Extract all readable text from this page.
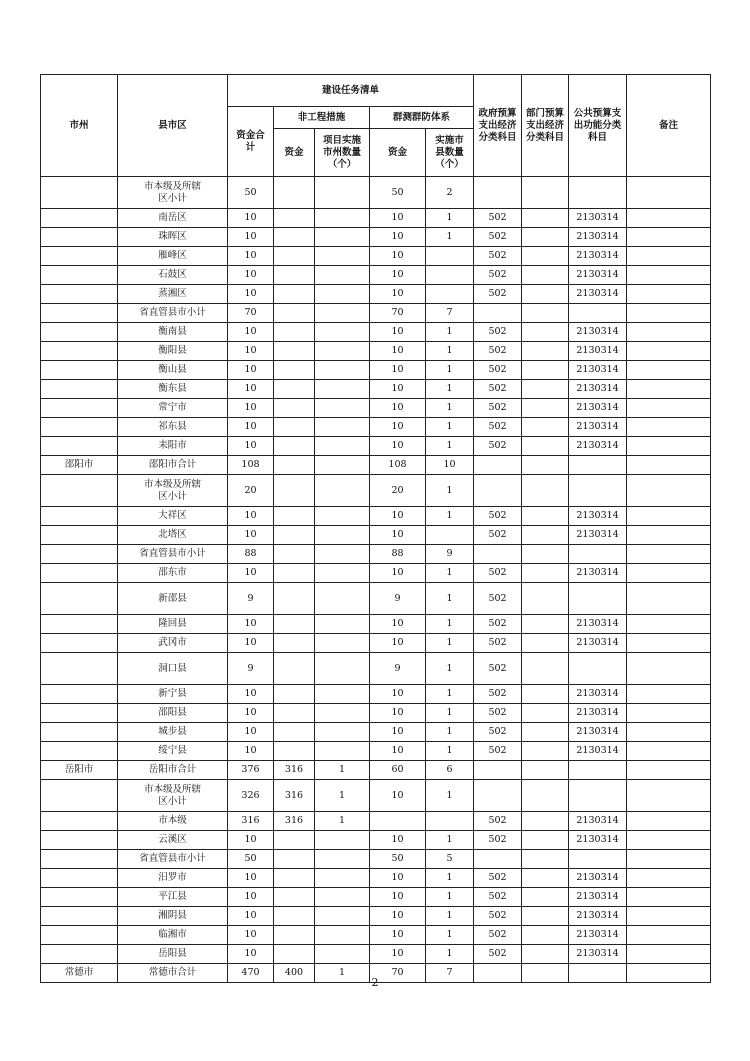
市州	县市区	建设任务清单					政府预算支出经济分类科目	部门预算支出经济分类科目	公共预算支出功能分类科目	备注
		资金合计	非工程措施		群测群防体系					
			资金	项目实施市州数量（个）	资金	实施市县数量（个）				
	市本级及所辖区小计	50			50	2				
	南岳区	10			10	1	502		2130314	
	珠晖区	10			10	1	502		2130314	
	雁峰区	10			10		502		2130314	
	石鼓区	10			10		502		2130314	
	蒸湘区	10			10		502		2130314	
	省直管县市小计	70			70	7				
	衡南县	10			10	1	502		2130314	
	衡阳县	10			10	1	502		2130314	
	衡山县	10			10	1	502		2130314	
	衡东县	10			10	1	502		2130314	
	常宁市	10			10	1	502		2130314	
	祁东县	10			10	1	502		2130314	
	耒阳市	10			10	1	502		2130314	
邵阳市	邵阳市合计	108			108	10				
	市本级及所辖区小计	20			20	1				
	大祥区	10			10	1	502		2130314	
	北塔区	10			10		502		2130314	
	省直管县市小计	88			88	9				
	邵东市	10			10	1	502		2130314	
	新邵县	9			9	1	502			
	隆回县	10			10	1	502		2130314	
	武冈市	10			10	1	502		2130314	
	洞口县	9			9	1	502			
	新宁县	10			10	1	502		2130314	
	邵阳县	10			10	1	502		2130314	
	城步县	10			10	1	502		2130314	
	绥宁县	10			10	1	502		2130314	
岳阳市	岳阳市合计	376	316	1	60	6				
	市本级及所辖区小计	326	316	1	10	1				
	市本级	316	316	1			502		2130314	
	云溪区	10			10	1	502		2130314	
	省直管县市小计	50			50	5				
	汨罗市	10			10	1	502		2130314	
	平江县	10			10	1	502		2130314	
	湘阴县	10			10	1	502		2130314	
	临湘市	10			10	1	502		2130314	
	岳阳县	10			10	1	502		2130314	
常德市	常德市合计	470	400	1	70	7				
2
